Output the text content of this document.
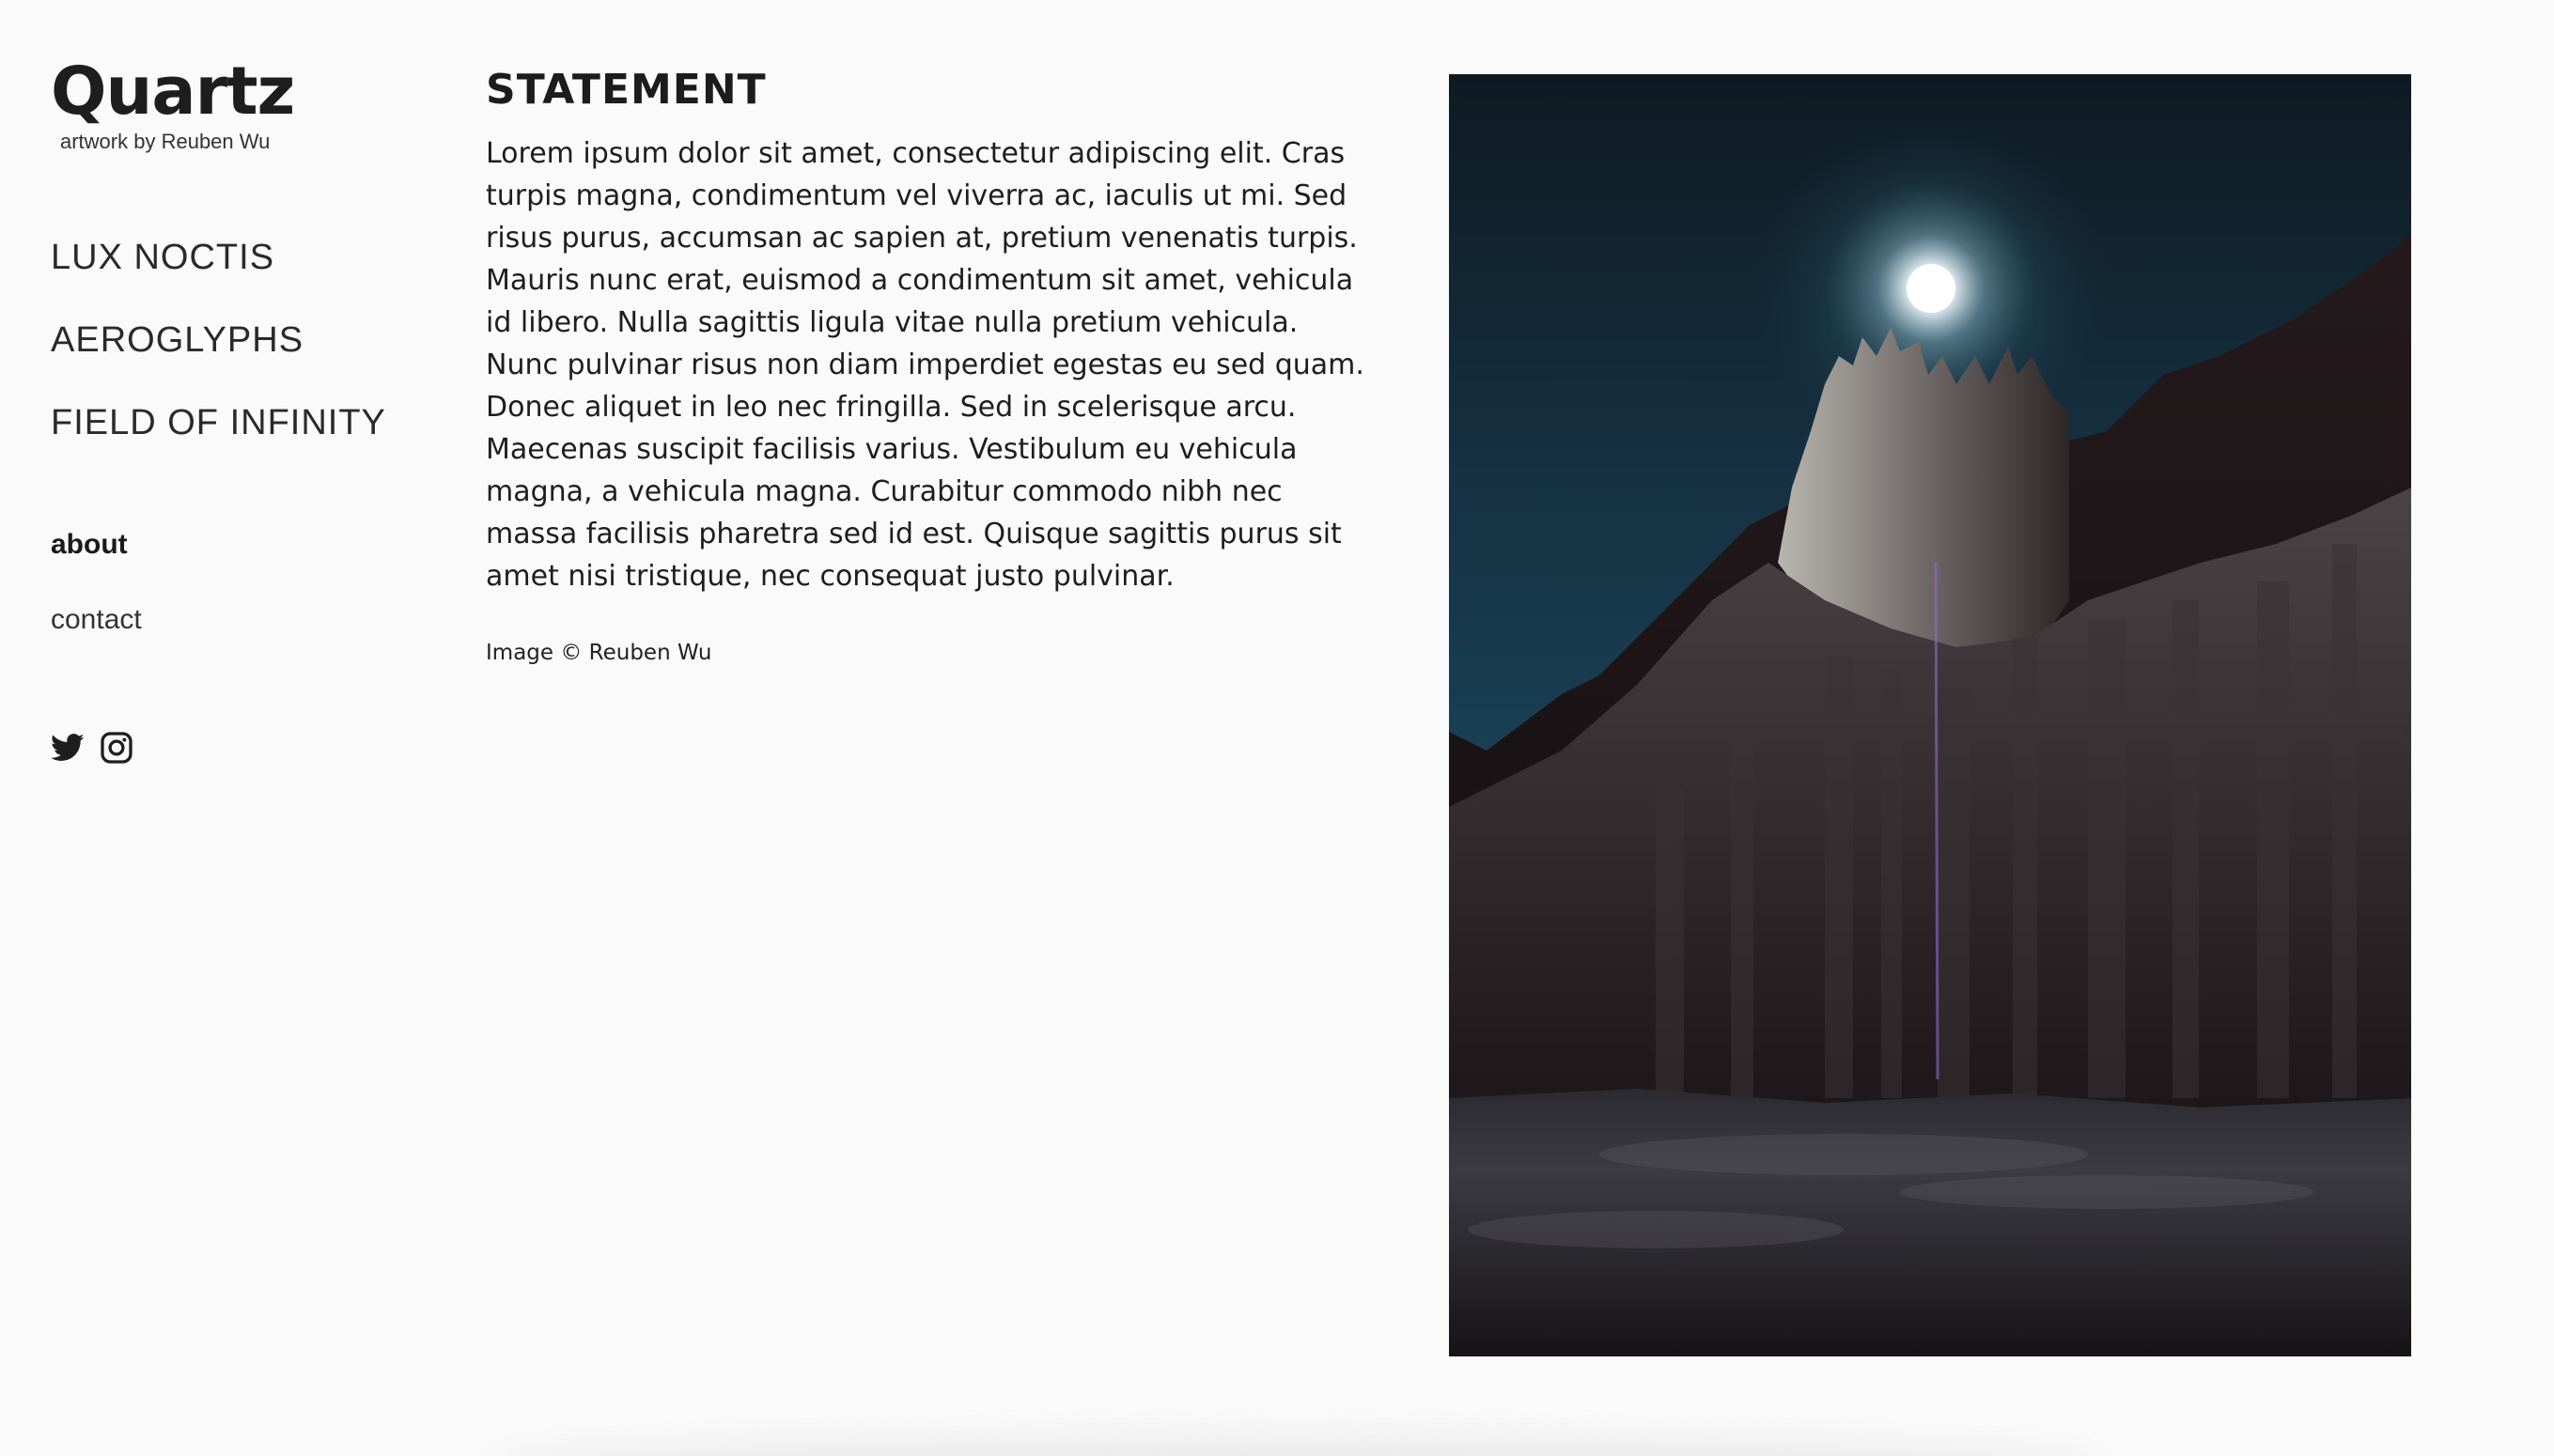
Quartz
artwork by Reuben Wu
LUX NOCTIS
AEROGLYPHS
FIELD OF INFINITY
about
contact
STATEMENT

Lorem ipsum dolor sit amet, consectetur adipiscing elit. Cras turpis magna, condimentum vel viverra ac, iaculis ut mi. Sed risus purus, accumsan ac sapien at, pretium venenatis turpis. Mauris nunc erat, euismod a condimentum sit amet, vehicula id libero. Nulla sagittis ligula vitae nulla pretium vehicula. Nunc pulvinar risus non diam imperdiet egestas eu sed quam. Donec aliquet in leo nec fringilla. Sed in scelerisque arcu. Maecenas suscipit facilisis varius. Vestibulum eu vehicula magna, a vehicula magna. Curabitur commodo nibh nec massa facilisis pharetra sed id est. Quisque sagittis purus sit amet nisi tristique, nec consequat justo pulvinar.

Image © Reuben Wu
